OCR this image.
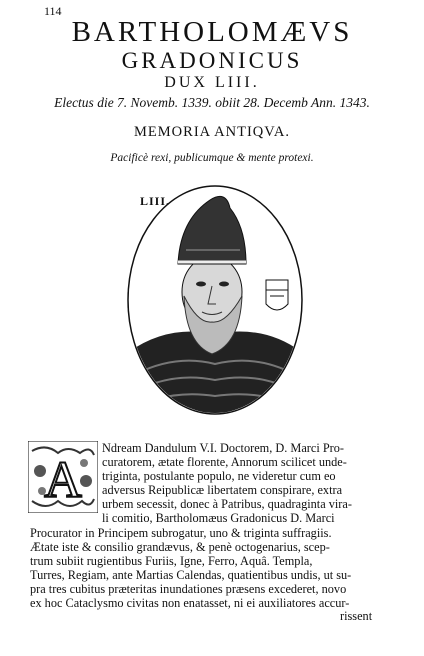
114
BARTHOLOMÆVS
GRADONICUS
DUX LIII.
Electus die 7. Novemb. 1339. obiit 28. Decemb Ann. 1343.
MEMORIA ANTIQVA.
Pacificè rexi, publicumque & mente protexi.
LIII.
A
Ndream Dandulum V.I. Doctorem, D. Marci Pro-
curatorem, ætate florente, Annorum scilicet unde-
triginta, postulante populo, ne videretur cum eo
adversus Reipublicæ libertatem conspirare, extra
urbem secessit, donec à Patribus, quadraginta vira-
li comitio, Bartholomæus Gradonicus D. Marci
Procurator in Principem subrogatur, uno & triginta suffragiis.
Ætate iste & consilio grandævus, & penè octogenarius, scep-
trum subiit rugientibus Furiis, Igne, Ferro, Aquâ. Templa,
Turres, Regiam, ante Martias Calendas, quatientibus undis, ut su-
pra tres cubitus præteritas inundationes præsens excederet, novo
ex hoc Cataclysmo civitas non enatasset, ni ei auxiliatores accur-
rissent
